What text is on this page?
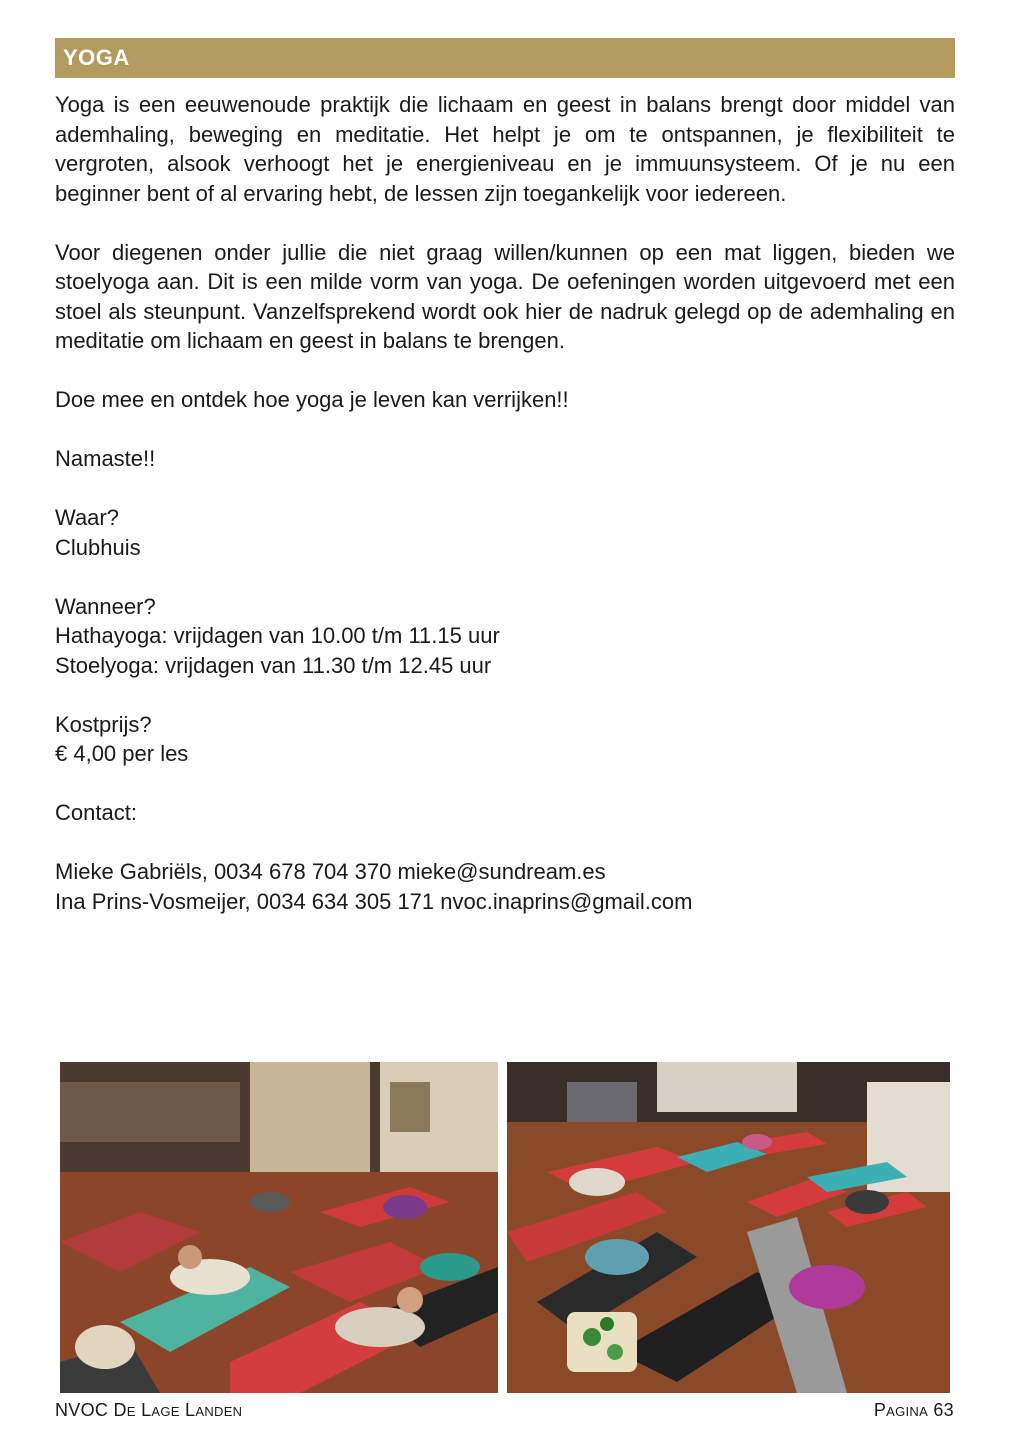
YOGA

Yoga is een eeuwenoude praktijk die lichaam en geest in balans brengt door middel van ademhaling, beweging en meditatie. Het helpt je om te ontspannen, je flexibiliteit te vergroten, alsook verhoogt het je energieniveau en je immuunsysteem. Of je nu een beginner bent of al ervaring hebt, de lessen zijn toegankelijk voor iedereen.

Voor diegenen onder jullie die niet graag willen/kunnen op een mat liggen, bieden we stoelyoga aan. Dit is een milde vorm van yoga. De oefeningen worden uitgevoerd met een stoel als steunpunt. Vanzelfsprekend wordt ook hier de nadruk gelegd op de ademhaling en meditatie om lichaam en geest in balans te brengen.

Doe mee en ontdek hoe yoga je leven kan verrijken!!

Namaste!!

Waar?
Clubhuis

Wanneer?
Hathayoga: vrijdagen van 10.00 t/m 11.15 uur
Stoelyoga: vrijdagen van 11.30 t/m 12.45 uur

Kostprijs?
€ 4,00 per les

Contact:

Mieke Gabriëls, 0034 678 704 370 mieke@sundream.es
Ina Prins-Vosmeijer, 0034 634 305 171 nvoc.inaprins@gmail.com

NVOC De Lage Landen	Pagina 63
